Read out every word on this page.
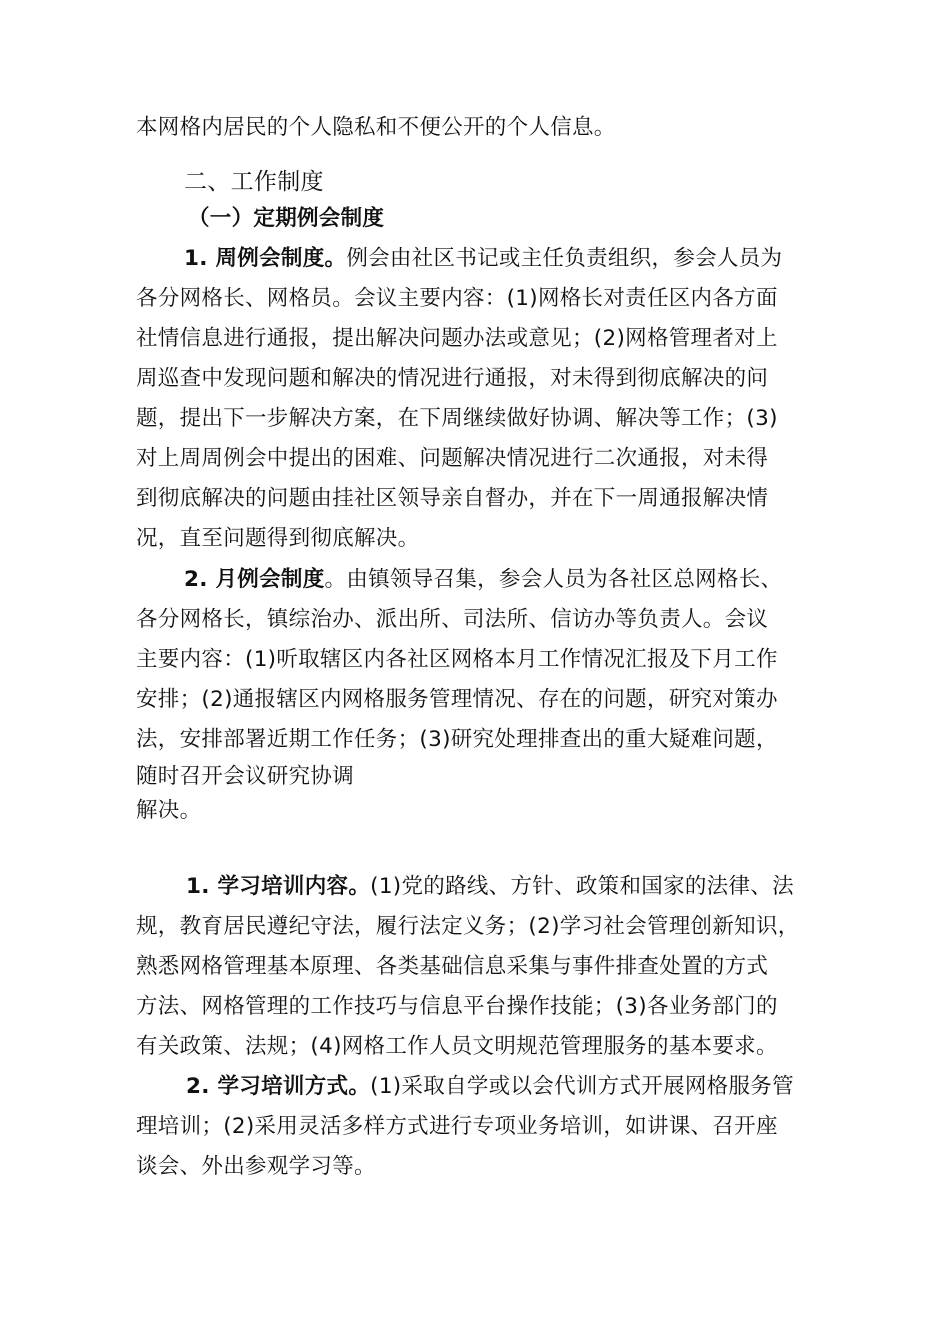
本网格内居民的个人隐私和不便公开的个人信息。
二、工作制度
（一）定期例会制度
1. 周例会制度。例会由社区书记或主任负责组织，参会人员为
各分网格长、网格员。会议主要内容：(1)网格长对责任区内各方面
社情信息进行通报，提出解决问题办法或意见；(2)网格管理者对上
周巡查中发现问题和解决的情况进行通报，对未得到彻底解决的问
题，提出下一步解决方案，在下周继续做好协调、解决等工作；(3)
对上周周例会中提出的困难、问题解决情况进行二次通报，对未得
到彻底解决的问题由挂社区领导亲自督办，并在下一周通报解决情
况，直至问题得到彻底解决。
2. 月例会制度。由镇领导召集，参会人员为各社区总网格长、
各分网格长，镇综治办、派出所、司法所、信访办等负责人。会议
主要内容：(1)听取辖区内各社区网格本月工作情况汇报及下月工作
安排；(2)通报辖区内网格服务管理情况、存在的问题，研究对策办
法，安排部署近期工作任务；(3)研究处理排查出的重大疑难问题，
随时召开会议研究协调
解决。
1. 学习培训内容。(1)党的路线、方针、政策和国家的法律、法
规，教育居民遵纪守法，履行法定义务；(2)学习社会管理创新知识，
熟悉网格管理基本原理、各类基础信息采集与事件排查处置的方式
方法、网格管理的工作技巧与信息平台操作技能；(3)各业务部门的
有关政策、法规；(4)网格工作人员文明规范管理服务的基本要求。
2. 学习培训方式。(1)采取自学或以会代训方式开展网格服务管
理培训；(2)采用灵活多样方式进行专项业务培训，如讲课、召开座
谈会、外出参观学习等。
